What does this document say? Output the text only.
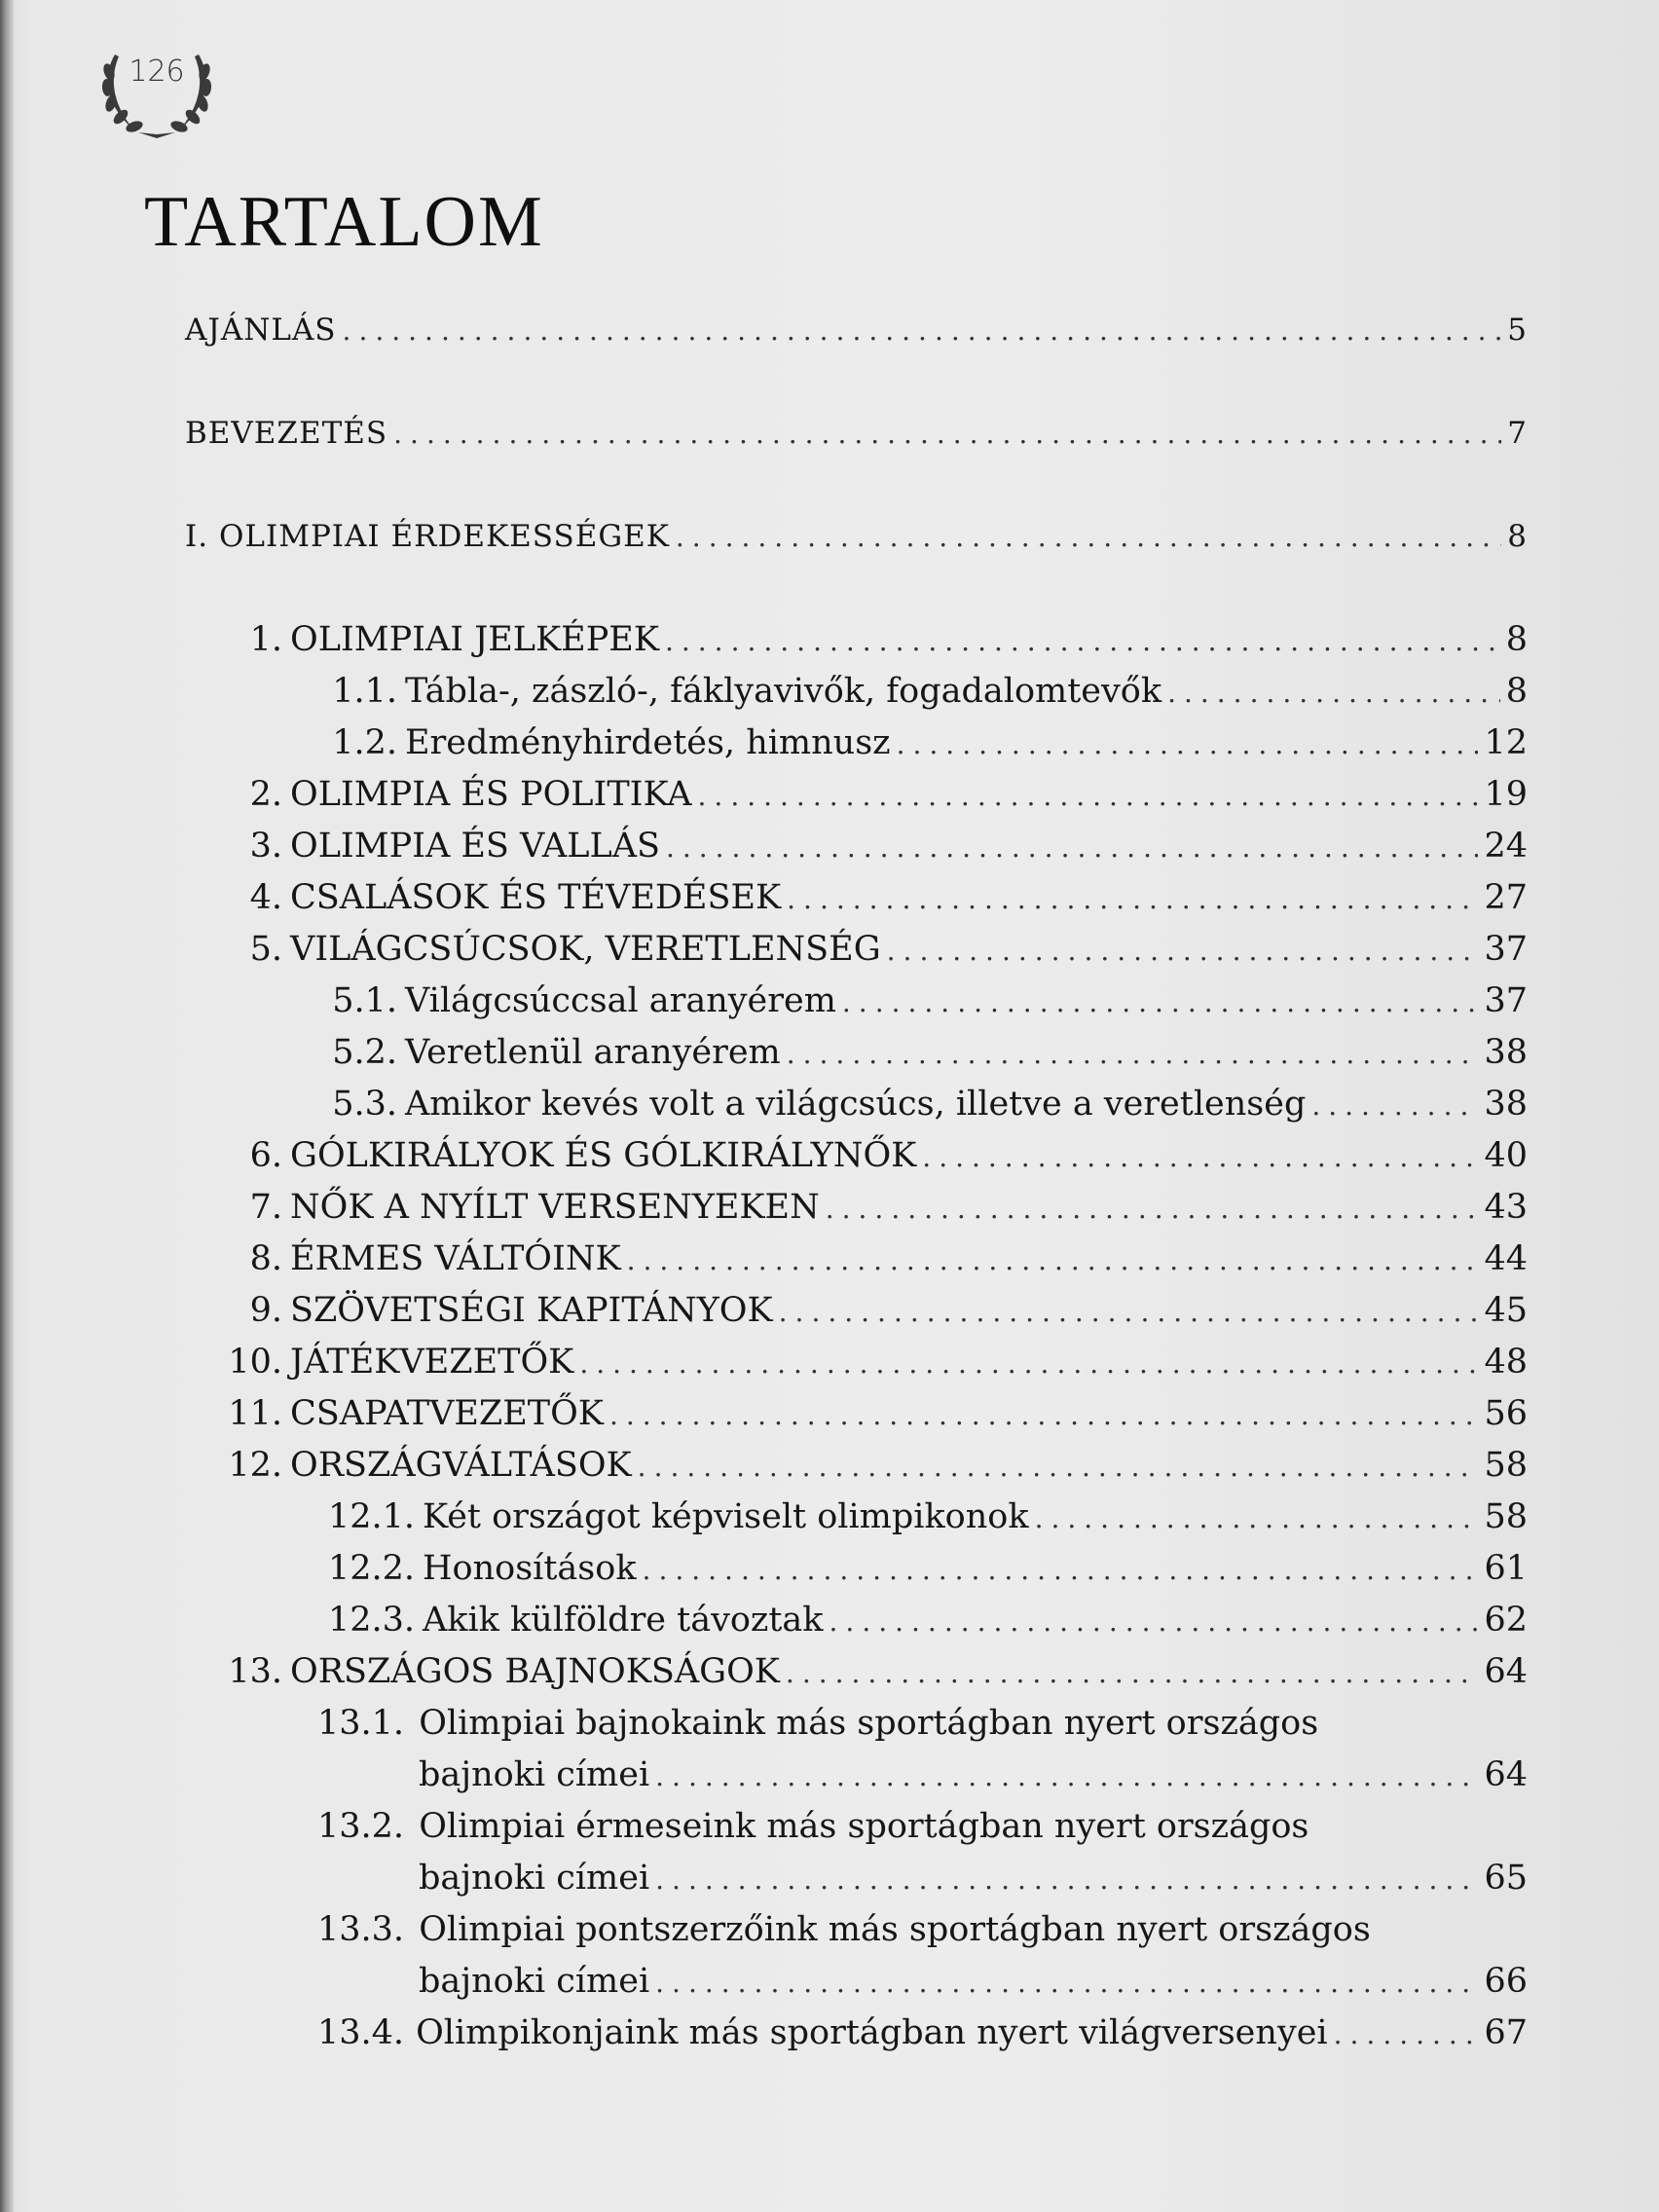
126
TARTALOM
AJÁNLÁS .....	5
BEVEZETÉS .....	7
I. OLIMPIAI ÉRDEKESSÉGEK .....	8
1. OLIMPIAI JELKÉPEK .....	8
1.1. Tábla-, zászló-, fáklyavivők, fogadalomtevők .....	8
1.2. Eredményhirdetés, himnusz .....	12
2. OLIMPIA ÉS POLITIKA .....	19
3. OLIMPIA ÉS VALLÁS .....	24
4. CSALÁSOK ÉS TÉVEDÉSEK .....	27
5. VILÁGCSÚCSOK, VERETLENSÉG .....	37
5.1. Világcsúccsal aranyérem .....	37
5.2. Veretlenül aranyérem .....	38
5.3. Amikor kevés volt a világcsúcs, illetve a veretlenség .....	38
6. GÓLKIRÁLYOK ÉS GÓLKIRÁLYNŐK .....	40
7. NŐK A NYÍLT VERSENYEKEN .....	43
8. ÉRMES VÁLTÓINK .....	44
9. SZÖVETSÉGI KAPITÁNYOK .....	45
10. JÁTÉKVEZETŐK .....	48
11. CSAPATVEZETŐK .....	56
12. ORSZÁGVÁLTÁSOK .....	58
12.1. Két országot képviselt olimpikonok .....	58
12.2. Honosítások .....	61
12.3. Akik külföldre távoztak .....	62
13. ORSZÁGOS BAJNOKSÁGOK .....	64
13.1. Olimpiai bajnokaink más sportágban nyert országos
bajnoki címei .....	64
13.2. Olimpiai érmeseink más sportágban nyert országos
bajnoki címei .....	65
13.3. Olimpiai pontszerzőink más sportágban nyert országos
bajnoki címei .....	66
13.4. Olimpikonjaink más sportágban nyert világversenyei .....	67
